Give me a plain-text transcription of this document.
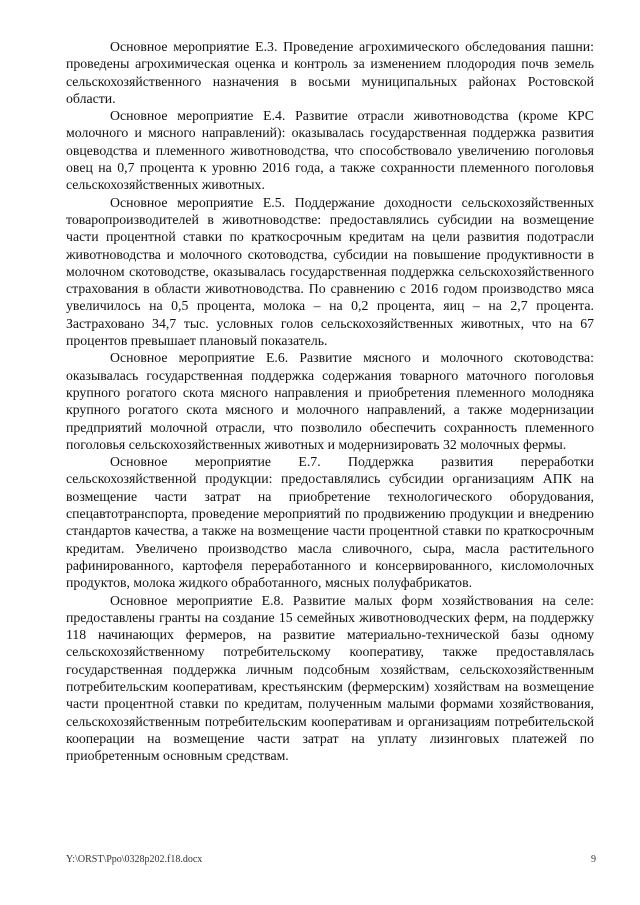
Основное мероприятие Е.3. Проведение агрохимического обследования пашни: проведены агрохимическая оценка и контроль за изменением плодородия почв земель сельскохозяйственного назначения в восьми муниципальных районах Ростовской области.

Основное мероприятие Е.4. Развитие отрасли животноводства (кроме КРС молочного и мясного направлений): оказывалась государственная поддержка развития овцеводства и племенного животноводства, что способствовало увеличению поголовья овец на 0,7 процента к уровню 2016 года, а также сохранности племенного поголовья сельскохозяйственных животных.

Основное мероприятие Е.5. Поддержание доходности сельскохозяйственных товаропроизводителей в животноводстве: предоставлялись субсидии на возмещение части процентной ставки по краткосрочным кредитам на цели развития подотрасли животноводства и молочного скотоводства, субсидии на повышение продуктивности в молочном скотоводстве, оказывалась государственная поддержка сельскохозяйственного страхования в области животноводства. По сравнению с 2016 годом производство мяса увеличилось на 0,5 процента, молока – на 0,2 процента, яиц – на 2,7 процента. Застраховано 34,7 тыс. условных голов сельскохозяйственных животных, что на 67 процентов превышает плановый показатель.

Основное мероприятие Е.6. Развитие мясного и молочного скотоводства: оказывалась государственная поддержка содержания товарного маточного поголовья крупного рогатого скота мясного направления и приобретения племенного молодняка крупного рогатого скота мясного и молочного направлений, а также модернизации предприятий молочной отрасли, что позволило обеспечить сохранность племенного поголовья сельскохозяйственных животных и модернизировать 32 молочных фермы.

Основное мероприятие Е.7. Поддержка развития переработки сельскохозяйственной продукции: предоставлялись субсидии организациям АПК на возмещение части затрат на приобретение технологического оборудования, спецавтотранспорта, проведение мероприятий по продвижению продукции и внедрению стандартов качества, а также на возмещение части процентной ставки по краткосрочным кредитам. Увеличено производство масла сливочного, сыра, масла растительного рафинированного, картофеля переработанного и консервированного, кисломолочных продуктов, молока жидкого обработанного, мясных полуфабрикатов.

Основное мероприятие Е.8. Развитие малых форм хозяйствования на селе: предоставлены гранты на создание 15 семейных животноводческих ферм, на поддержку 118 начинающих фермеров, на развитие материально-технической базы одному сельскохозяйственному потребительскому кооперативу, также предоставлялась государственная поддержка личным подсобным хозяйствам, сельскохозяйственным потребительским кооперативам, крестьянским (фермерским) хозяйствам на возмещение части процентной ставки по кредитам, полученным малыми формами хозяйствования, сельскохозяйственным потребительским кооперативам и организациям потребительской кооперации на возмещение части затрат на уплату лизинговых платежей по приобретенным основным средствам.

Y:\ORST\Ppo\0328p202.f18.docx	9
